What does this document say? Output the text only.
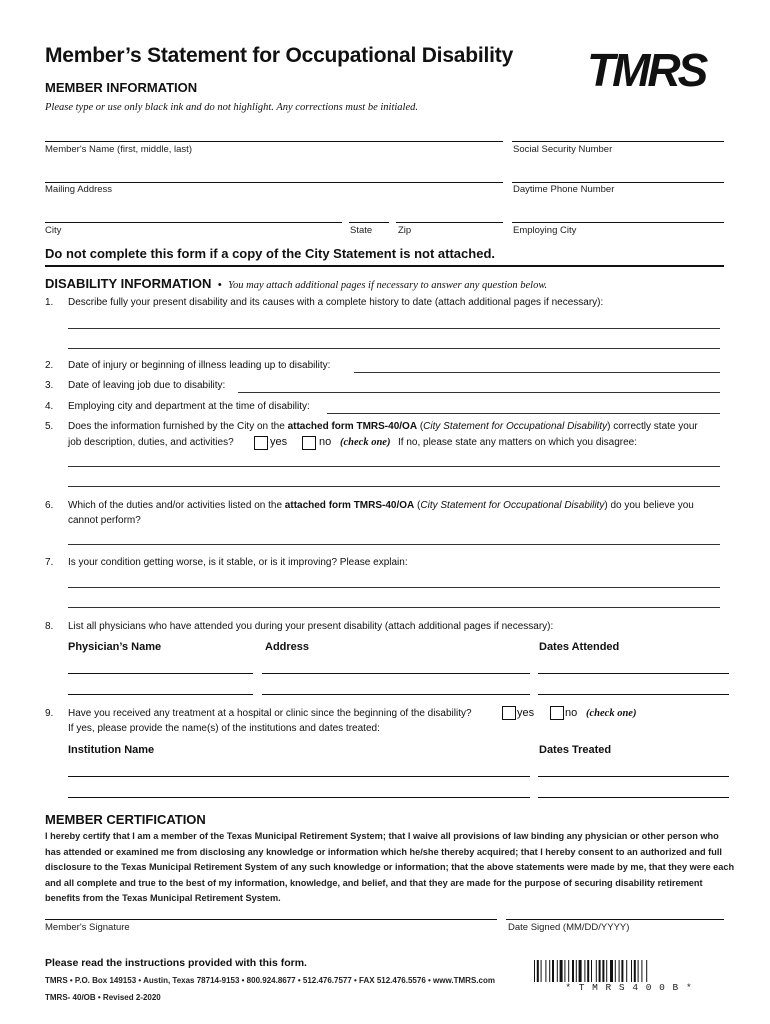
Member’s Statement for Occupational Disability TMRS
MEMBER INFORMATION
Please type or use only black ink and do not highlight. Any corrections must be initialed.
Member's Name (first, middle, last)	Social Security Number
Mailing Address	Daytime Phone Number
City	State	Zip	Employing City
Do not complete this form if a copy of the City Statement is not attached.
DISABILITY INFORMATION • You may attach additional pages if necessary to answer any question below.
1. Describe fully your present disability and its causes with a complete history to date (attach additional pages if necessary):
2. Date of injury or beginning of illness leading up to disability:
3. Date of leaving job due to disability:
4. Employing city and department at the time of disability:
5. Does the information furnished by the City on the attached form TMRS-40/OA (City Statement for Occupational Disability) correctly state your
job description, duties, and activities?	yes	no (check one) If no, please state any matters on which you disagree:
6. Which of the duties and/or activities listed on the attached form TMRS-40/OA (City Statement for Occupational Disability) do you believe you
cannot perform?
7. Is your condition getting worse, is it stable, or is it improving? Please explain:
8. List all physicians who have attended you during your present disability (attach additional pages if necessary):
Physician’s Name	Address	Dates Attended
9. Have you received any treatment at a hospital or clinic since the beginning of the disability?	yes	no (check one)
If yes, please provide the name(s) of the institutions and dates treated:
Institution Name	Dates Treated
MEMBER CERTIFICATION
I hereby certify that I am a member of the Texas Municipal Retirement System; that I waive all provisions of law binding any physician or other person who has attended or examined me from disclosing any knowledge or information which he/she thereby acquired; that I hereby consent to an authorized and full disclosure to the Texas Municipal Retirement System of any such knowledge or information; that the above statements were made by me, that they were each and all complete and true to the best of my information, knowledge, and belief, and that they are made for the purpose of securing disability retirement benefits from the Texas Municipal Retirement System.
Member's Signature	Date Signed (MM/DD/YYYY)
Please read the instructions provided with this form.
TMRS • P.O. Box 149153 • Austin, Texas 78714-9153 • 800.924.8677 • 512.476.7577 • FAX 512.476.5576 • www.TMRS.com
TMRS- 40/OB • Revised 2-2020
* T M R S 4 0 0 B *
